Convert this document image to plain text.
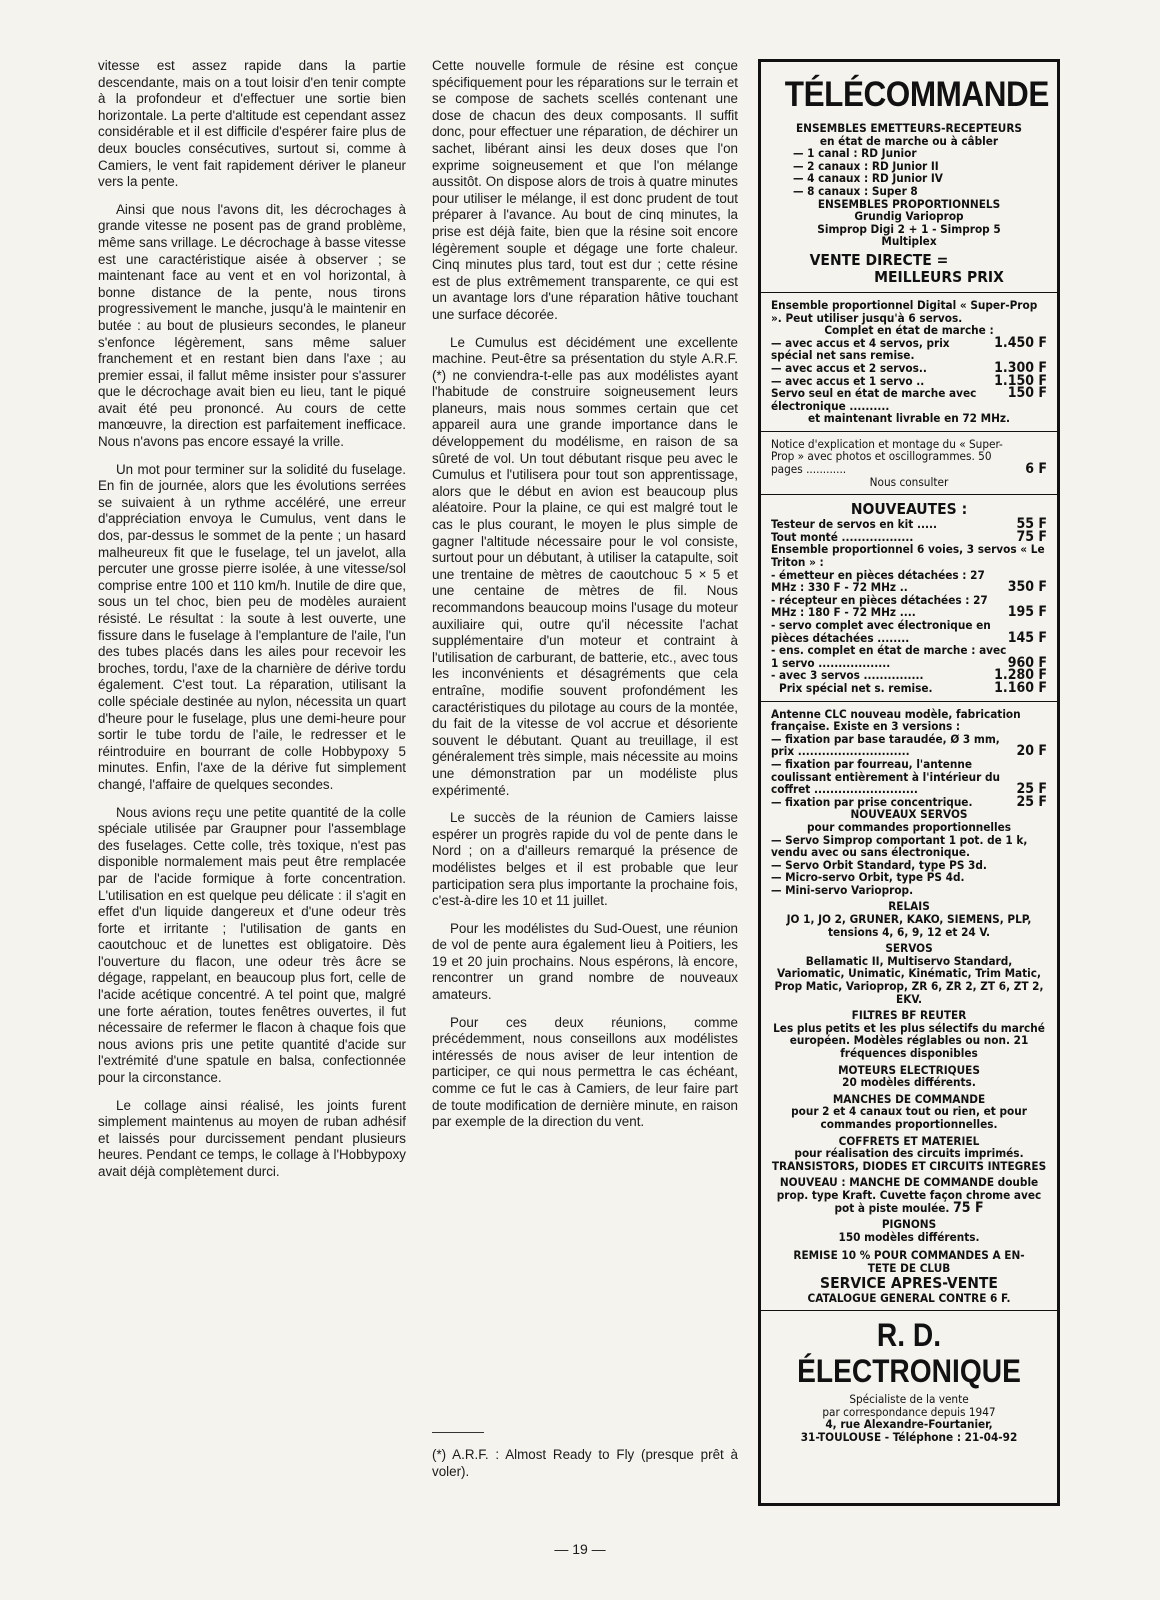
vitesse est assez rapide dans la partie descendante, mais on a tout loisir d'en tenir compte à la profondeur et d'effectuer une sortie bien horizontale. La perte d'altitude est cependant assez considérable et il est difficile d'espérer faire plus de deux boucles consécutives, surtout si, comme à Camiers, le vent fait rapidement dériver le planeur vers la pente.

Ainsi que nous l'avons dit, les décrochages à grande vitesse ne posent pas de grand problème, même sans vrillage. Le décrochage à basse vitesse est une caractéristique aisée à observer ; se maintenant face au vent et en vol horizontal, à bonne distance de la pente, nous tirons progressivement le manche, jusqu'à le maintenir en butée : au bout de plusieurs secondes, le planeur s'enfonce légèrement, sans même saluer franchement et en restant bien dans l'axe ; au premier essai, il fallut même insister pour s'assurer que le décrochage avait bien eu lieu, tant le piqué avait été peu prononcé. Au cours de cette manœuvre, la direction est parfaitement inefficace. Nous n'avons pas encore essayé la vrille.

Un mot pour terminer sur la solidité du fuselage. En fin de journée, alors que les évolutions serrées se suivaient à un rythme accéléré, une erreur d'appréciation envoya le Cumulus, vent dans le dos, par-dessus le sommet de la pente ; un hasard malheureux fit que le fuselage, tel un javelot, alla percuter une grosse pierre isolée, à une vitesse/sol comprise entre 100 et 110 km/h. Inutile de dire que, sous un tel choc, bien peu de modèles auraient résisté. Le résultat : la soute à lest ouverte, une fissure dans le fuselage à l'emplanture de l'aile, l'un des tubes placés dans les ailes pour recevoir les broches, tordu, l'axe de la charnière de dérive tordu également. C'est tout. La réparation, utilisant la colle spéciale destinée au nylon, nécessita un quart d'heure pour le fuselage, plus une demi-heure pour sortir le tube tordu de l'aile, le redresser et le réintroduire en bourrant de colle Hobbypoxy 5 minutes. Enfin, l'axe de la dérive fut simplement changé, l'affaire de quelques secondes.

Nous avions reçu une petite quantité de la colle spéciale utilisée par Graupner pour l'assemblage des fuselages. Cette colle, très toxique, n'est pas disponible normalement mais peut être remplacée par de l'acide formique à forte concentration. L'utilisation en est quelque peu délicate : il s'agit en effet d'un liquide dangereux et d'une odeur très forte et irritante ; l'utilisation de gants en caoutchouc et de lunettes est obligatoire. Dès l'ouverture du flacon, une odeur très âcre se dégage, rappelant, en beaucoup plus fort, celle de l'acide acétique concentré. A tel point que, malgré une forte aération, toutes fenêtres ouvertes, il fut nécessaire de refermer le flacon à chaque fois que nous avions pris une petite quantité d'acide sur l'extrémité d'une spatule en balsa, confectionnée pour la circonstance.

Le collage ainsi réalisé, les joints furent simplement maintenus au moyen de ruban adhésif et laissés pour durcissement pendant plusieurs heures. Pendant ce temps, le collage à l'Hobbypoxy avait déjà complètement durci.

Cette nouvelle formule de résine est conçue spécifiquement pour les réparations sur le terrain et se compose de sachets scellés contenant une dose de chacun des deux composants. Il suffit donc, pour effectuer une réparation, de déchirer un sachet, libérant ainsi les deux doses que l'on exprime soigneusement et que l'on mélange aussitôt. On dispose alors de trois à quatre minutes pour utiliser le mélange, il est donc prudent de tout préparer à l'avance. Au bout de cinq minutes, la prise est déjà faite, bien que la résine soit encore légèrement souple et dégage une forte chaleur. Cinq minutes plus tard, tout est dur ; cette résine est de plus extrêmement transparente, ce qui est un avantage lors d'une réparation hâtive touchant une surface décorée.

Le Cumulus est décidément une excellente machine. Peut-être sa présentation du style A.R.F. (*) ne conviendra-t-elle pas aux modélistes ayant l'habitude de construire soigneusement leurs planeurs, mais nous sommes certain que cet appareil aura une grande importance dans le développement du modélisme, en raison de sa sûreté de vol. Un tout débutant risque peu avec le Cumulus et l'utilisera pour tout son apprentissage, alors que le début en avion est beaucoup plus aléatoire. Pour la plaine, ce qui est malgré tout le cas le plus courant, le moyen le plus simple de gagner l'altitude nécessaire pour le vol consiste, surtout pour un débutant, à utiliser la catapulte, soit une trentaine de mètres de caoutchouc 5 × 5 et une centaine de mètres de fil. Nous recommandons beaucoup moins l'usage du moteur auxiliaire qui, outre qu'il nécessite l'achat supplémentaire d'un moteur et contraint à l'utilisation de carburant, de batterie, etc., avec tous les inconvénients et désagréments que cela entraîne, modifie souvent profondément les caractéristiques du pilotage au cours de la montée, du fait de la vitesse de vol accrue et désoriente souvent le débutant. Quant au treuillage, il est généralement très simple, mais nécessite au moins une démonstration par un modéliste plus expérimenté.

Le succès de la réunion de Camiers laisse espérer un progrès rapide du vol de pente dans le Nord ; on a d'ailleurs remarqué la présence de modélistes belges et il est probable que leur participation sera plus importante la prochaine fois, c'est-à-dire les 10 et 11 juillet.

Pour les modélistes du Sud-Ouest, une réunion de vol de pente aura également lieu à Poitiers, les 19 et 20 juin prochains. Nous espérons, là encore, rencontrer un grand nombre de nouveaux amateurs.

Pour ces deux réunions, comme précédemment, nous conseillons aux modélistes intéressés de nous aviser de leur intention de participer, ce qui nous permettra le cas échéant, comme ce fut le cas à Camiers, de leur faire part de toute modification de dernière minute, en raison par exemple de la direction du vent.

(*) A.R.F. : Almost Ready to Fly (presque prêt à voler).
TÉLÉCOMMANDE
ENSEMBLES EMETTEURS-RECEPTEURS
en état de marche ou à câbler
— 1 canal : RD Junior
— 2 canaux : RD Junior II
— 4 canaux : RD Junior IV
— 8 canaux : Super 8
ENSEMBLES PROPORTIONNELS
Grundig Varioprop
Simprop Digi 2 + 1 - Simprop 5
Multiplex
VENTE DIRECTE =
MEILLEURS PRIX
Ensemble proportionnel Digital « Super-Prop ». Peut utiliser jusqu'à 6 servos.
Complet en état de marche :
— avec accus et 4 servos, prix spécial net sans remise.
1.450 F
— avec accus et 2 servos..	1.300 F
— avec accus et 1 servo ..	1.150 F
Servo seul en état de marche avec électronique ..........
150 F
et maintenant livrable en 72 MHz.
Notice d'explication et montage du « Super-Prop » avec photos et oscillogrammes. 50 pages ............	6 F
Nous consulter
NOUVEAUTES :
Testeur de servos en kit .....	55 F
Tout monté ..................	75 F
Ensemble proportionnel 6 voies, 3 servos « Le Triton » :
- émetteur en pièces détachées : 27 MHz : 330 F - 72 MHz ..	350 F
- récepteur en pièces détachées : 27 MHz : 180 F - 72 MHz ....	195 F
- servo complet avec électronique en pièces détachées ........	145 F
- ens. complet en état de marche : avec 1 servo ..................	960 F
- avec 3 servos ...............	1.280 F
Prix spécial net s. remise.	1.160 F
Antenne CLC nouveau modèle, fabrication française. Existe en 3 versions :
— fixation par base taraudée, Ø 3 mm, prix ............................	20 F
— fixation par fourreau, l'antenne coulissant entièrement à l'intérieur du coffret ..........................	25 F
— fixation par prise concentrique.	25 F
NOUVEAUX SERVOS
pour commandes proportionnelles
— Servo Simprop comportant 1 pot. de 1 k, vendu avec ou sans électronique.
— Servo Orbit Standard, type PS 3d.
— Micro-servo Orbit, type PS 4d.
— Mini-servo Varioprop.
RELAIS
JO 1, JO 2, GRUNER, KAKO, SIEMENS, PLP, tensions 4, 6, 9, 12 et 24 V.
SERVOS
Bellamatic II, Multiservo Standard, Variomatic, Unimatic, Kinématic, Trim Matic, Prop Matic, Varioprop, ZR 6, ZR 2, ZT 6, ZT 2, EKV.
FILTRES BF REUTER
Les plus petits et les plus sélectifs du marché européen. Modèles réglables ou non. 21 fréquences disponibles
MOTEURS ELECTRIQUES
20 modèles différents.
MANCHES DE COMMANDE
pour 2 et 4 canaux tout ou rien, et pour commandes proportionnelles.
COFFRETS ET MATERIEL
pour réalisation des circuits imprimés.
TRANSISTORS, DIODES ET CIRCUITS INTEGRES
NOUVEAU : MANCHE DE COMMANDE double prop. type Kraft. Cuvette façon chrome avec pot à piste moulée. 75 F
PIGNONS
150 modèles différents.
REMISE 10 % POUR COMMANDES A EN-TETE DE CLUB
SERVICE APRES-VENTE
CATALOGUE GENERAL CONTRE 6 F.
R. D. ÉLECTRONIQUE
Spécialiste de la vente
par correspondance depuis 1947
4, rue Alexandre-Fourtanier,
31-TOULOUSE - Téléphone : 21-04-92
— 19 —
